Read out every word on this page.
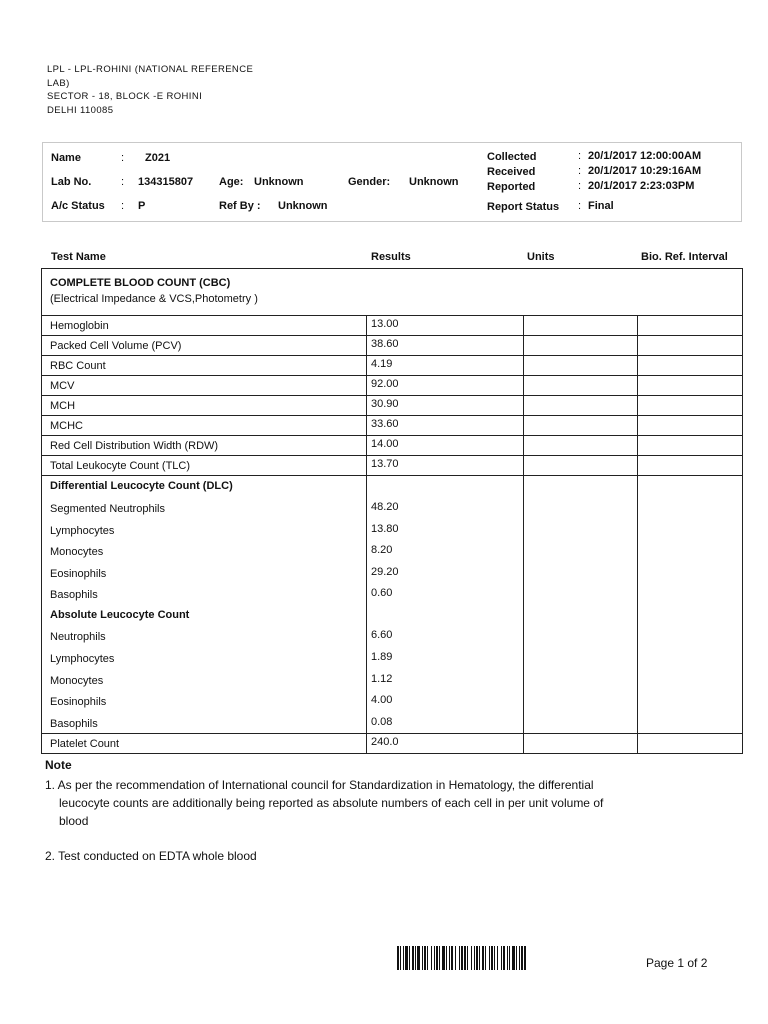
LPL - LPL-ROHINI (NATIONAL REFERENCE
LAB)
SECTOR - 18, BLOCK -E ROHINI
DELHI 110085
Name	: Z021
Lab No.	: 134315807 Age: Unknown	Gender: Unknown
A/c Status : P	Ref By : Unknown
Collected	: 20/1/2017 12:00:00AM
Received	: 20/1/2017 10:29:16AM
Reported	: 20/1/2017 2:23:03PM
Report Status : Final
Test Name	Results	Units	Bio. Ref. Interval
COMPLETE BLOOD COUNT (CBC)
(Electrical Impedance & VCS,Photometry )
Hemoglobin	13.00
Packed Cell Volume (PCV)	38.60
RBC Count	4.19
MCV	92.00
MCH	30.90
MCHC	33.60
Red Cell Distribution Width (RDW)	14.00
Total Leukocyte Count (TLC)	13.70
Differential Leucocyte Count (DLC)
Segmented Neutrophils	48.20
Lymphocytes	13.80
Monocytes	8.20
Eosinophils	29.20
Basophils	0.60
Absolute Leucocyte Count
Neutrophils	6.60
Lymphocytes	1.89
Monocytes	1.12
Eosinophils	4.00
Basophils	0.08
Platelet Count	240.0
Note
1. As per the recommendation of International council for Standardization in Hematology, the differential
leucocyte counts are additionally being reported as absolute numbers of each cell in per unit volume of
blood
2. Test conducted on EDTA whole blood
Page 1 of 2
